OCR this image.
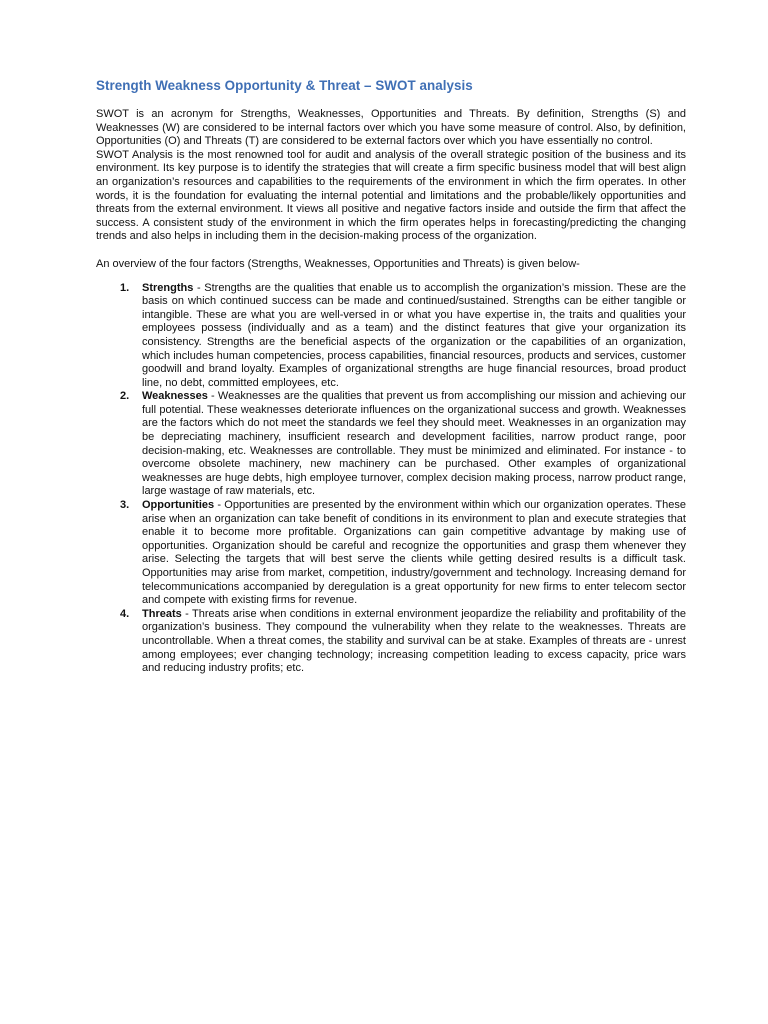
Strength Weakness Opportunity & Threat – SWOT analysis

SWOT is an acronym for Strengths, Weaknesses, Opportunities and Threats. By definition, Strengths (S) and Weaknesses (W) are considered to be internal factors over which you have some measure of control. Also, by definition, Opportunities (O) and Threats (T) are considered to be external factors over which you have essentially no control.

SWOT Analysis is the most renowned tool for audit and analysis of the overall strategic position of the business and its environment. Its key purpose is to identify the strategies that will create a firm specific business model that will best align an organization’s resources and capabilities to the requirements of the environment in which the firm operates. In other words, it is the foundation for evaluating the internal potential and limitations and the probable/likely opportunities and threats from the external environment. It views all positive and negative factors inside and outside the firm that affect the success. A consistent study of the environment in which the firm operates helps in forecasting/predicting the changing trends and also helps in including them in the decision-making process of the organization.

An overview of the four factors (Strengths, Weaknesses, Opportunities and Threats) is given below-

1. Strengths - Strengths are the qualities that enable us to accomplish the organization’s mission. These are the basis on which continued success can be made and continued/sustained. Strengths can be either tangible or intangible. These are what you are well-versed in or what you have expertise in, the traits and qualities your employees possess (individually and as a team) and the distinct features that give your organization its consistency. Strengths are the beneficial aspects of the organization or the capabilities of an organization, which includes human competencies, process capabilities, financial resources, products and services, customer goodwill and brand loyalty. Examples of organizational strengths are huge financial resources, broad product line, no debt, committed employees, etc.
2. Weaknesses - Weaknesses are the qualities that prevent us from accomplishing our mission and achieving our full potential. These weaknesses deteriorate influences on the organizational success and growth. Weaknesses are the factors which do not meet the standards we feel they should meet. Weaknesses in an organization may be depreciating machinery, insufficient research and development facilities, narrow product range, poor decision-making, etc. Weaknesses are controllable. They must be minimized and eliminated. For instance - to overcome obsolete machinery, new machinery can be purchased. Other examples of organizational weaknesses are huge debts, high employee turnover, complex decision making process, narrow product range, large wastage of raw materials, etc.
3. Opportunities - Opportunities are presented by the environment within which our organization operates. These arise when an organization can take benefit of conditions in its environment to plan and execute strategies that enable it to become more profitable. Organizations can gain competitive advantage by making use of opportunities. Organization should be careful and recognize the opportunities and grasp them whenever they arise. Selecting the targets that will best serve the clients while getting desired results is a difficult task. Opportunities may arise from market, competition, industry/government and technology. Increasing demand for telecommunications accompanied by deregulation is a great opportunity for new firms to enter telecom sector and compete with existing firms for revenue.
4. Threats - Threats arise when conditions in external environment jeopardize the reliability and profitability of the organization’s business. They compound the vulnerability when they relate to the weaknesses. Threats are uncontrollable. When a threat comes, the stability and survival can be at stake. Examples of threats are - unrest among employees; ever changing technology; increasing competition leading to excess capacity, price wars and reducing industry profits; etc.
